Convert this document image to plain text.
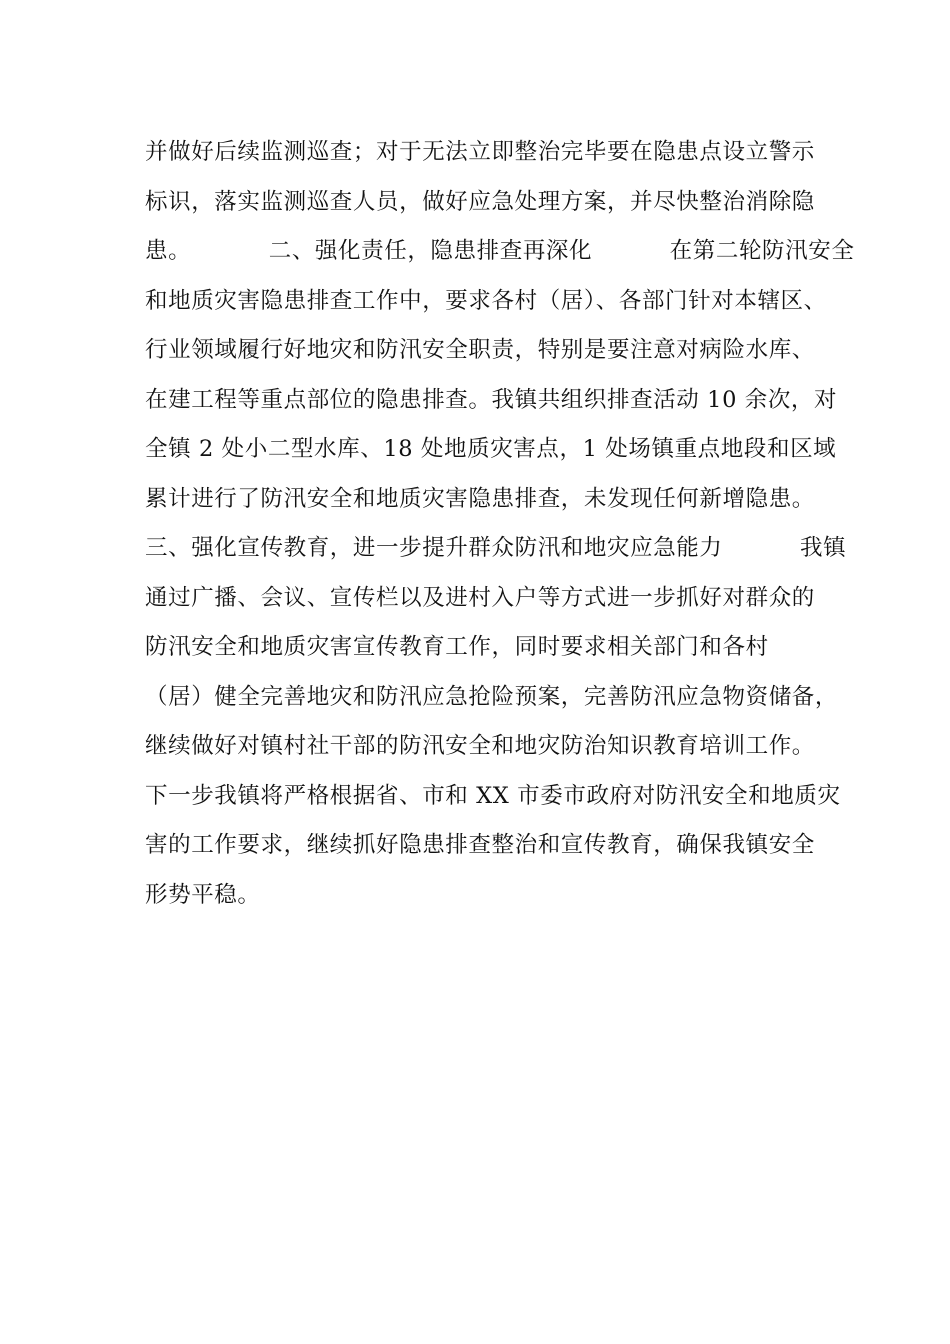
并做好后续监测巡查；对于无法立即整治完毕要在隐患点设立警示
标识，落实监测巡查人员，做好应急处理方案，并尽快整治消除隐
患。          二、强化责任，隐患排查再深化          在第二轮防汛安全
和地质灾害隐患排查工作中，要求各村（居）、各部门针对本辖区、
行业领域履行好地灾和防汛安全职责，特别是要注意对病险水库、
在建工程等重点部位的隐患排查。我镇共组织排查活动 10 余次，对
全镇 2 处小二型水库、18 处地质灾害点，1 处场镇重点地段和区域
累计进行了防汛安全和地质灾害隐患排查，未发现任何新增隐患。
三、强化宣传教育，进一步提升群众防汛和地灾应急能力          我镇
通过广播、会议、宣传栏以及进村入户等方式进一步抓好对群众的
防汛安全和地质灾害宣传教育工作，同时要求相关部门和各村
（居）健全完善地灾和防汛应急抢险预案，完善防汛应急物资储备，
继续做好对镇村社干部的防汛安全和地灾防治知识教育培训工作。
下一步我镇将严格根据省、市和 XX 市委市政府对防汛安全和地质灾
害的工作要求，继续抓好隐患排查整治和宣传教育，确保我镇安全
形势平稳。
